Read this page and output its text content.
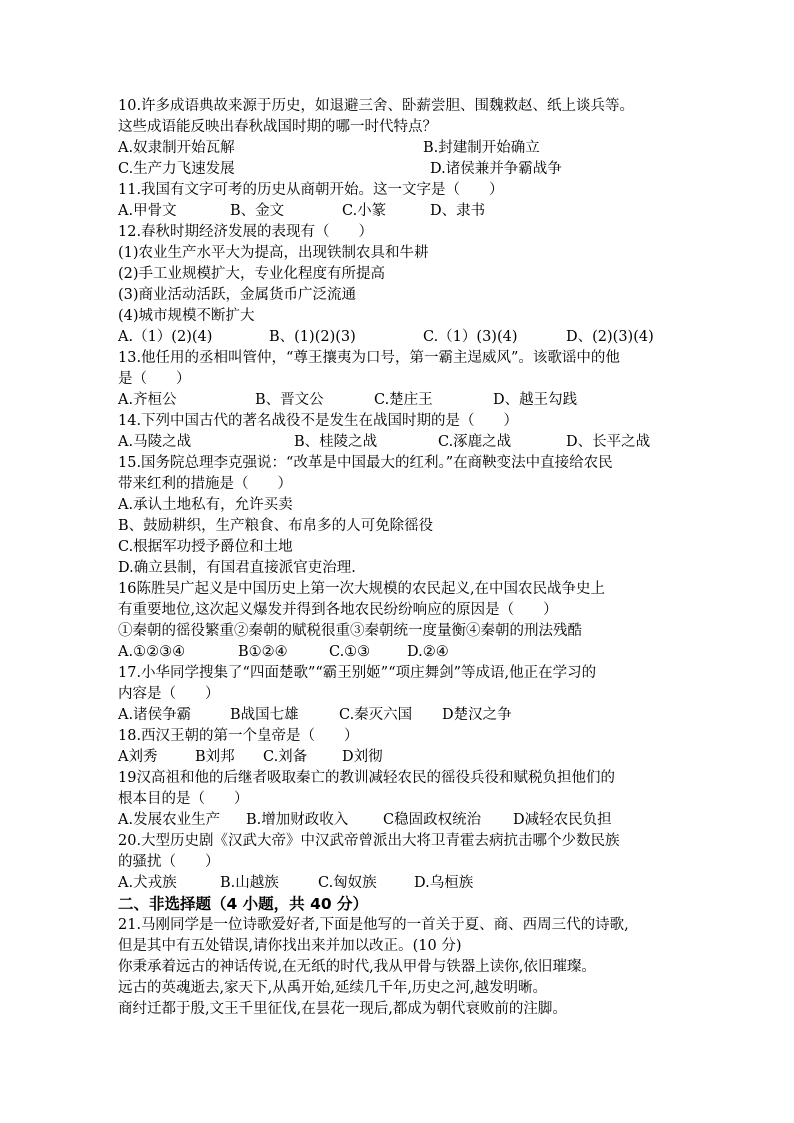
10.许多成语典故来源于历史，如退避三舍、卧薪尝胆、围魏救赵、纸上谈兵等。
这些成语能反映出春秋战国时期的哪一时代特点？
A.奴隶制开始瓦解	B.封建制开始确立
C.生产力飞速发展	D.诸侯兼并争霸战争
11.我国有文字可考的历史从商朝开始。这一文字是（　　）
A.甲骨文	B、金文	C.小篆	D、隶书
12.春秋时期经济发展的表现有（　　）
(1)农业生产水平大为提高，出现铁制农具和牛耕
(2)手工业规模扩大，专业化程度有所提高
(3)商业活动活跃，金属货币广泛流通
(4)城市规模不断扩大
A.（1）(2)(4)	B、(1)(2)(3)	C.（1）(3)(4)	D、(2)(3)(4)
13.他任用的丞相叫管仲，“尊王攘夷为口号，第一霸主逞威风”。该歌谣中的他
是（　　）
A.齐桓公	B、晋文公	C.楚庄王	D、越王勾践
14.下列中国古代的著名战役不是发生在战国时期的是（　　）
A.马陵之战	B、桂陵之战	C.涿鹿之战	D、长平之战
15.国务院总理李克强说：“改革是中国最大的红利。”在商鞅变法中直接给农民
带来红利的措施是（　　）
A.承认土地私有，允许买卖
B、鼓励耕织，生产粮食、布帛多的人可免除徭役
C.根据军功授予爵位和土地
D.确立县制，有国君直接派官吏治理.
16陈胜吴广起义是中国历史上第一次大规模的农民起义,在中国农民战争史上
有重要地位,这次起义爆发并得到各地农民纷纷响应的原因是（　　）
①秦朝的徭役繁重②秦朝的赋税很重③秦朝统一度量衡④秦朝的刑法残酷
A.①②③④	B①②④	C.①③	D.②④
17.小华同学搜集了“四面楚歌”“霸王别姬”“项庄舞剑”等成语,他正在学习的
内容是（　　）
A.诸侯争霸	B战国七雄	C.秦灭六国 D楚汉之争
18.西汉王朝的第一个皇帝是（　　）
A刘秀	B刘邦 C.刘备 D刘彻
19汉高祖和他的后继者吸取秦亡的教训减轻农民的徭役兵役和赋税负担他们的
根本目的是（　　）
A.发展农业生产 B.增加财政收入 C稳固政权统治 D减轻农民负担
20.大型历史剧《汉武大帝》中汉武帝曾派出大将卫青霍去病抗击哪个少数民族
的骚扰（　　）
A.犬戎族	B.山越族	C.匈奴族	D.乌桓族
二、非选择题（4 小题，共 40 分）
21.马刚同学是一位诗歌爱好者,下面是他写的一首关于夏、商、西周三代的诗歌,
但是其中有五处错误,请你找出来并加以改正。(10 分)
你秉承着远古的神话传说,在无纸的时代,我从甲骨与铁器上读你,依旧璀璨。
远古的英魂逝去,家天下,从禹开始,延续几千年,历史之河,越发明晰。
商纣迁都于殷,文王千里征伐,在昙花一现后,都成为朝代衰败前的注脚。
